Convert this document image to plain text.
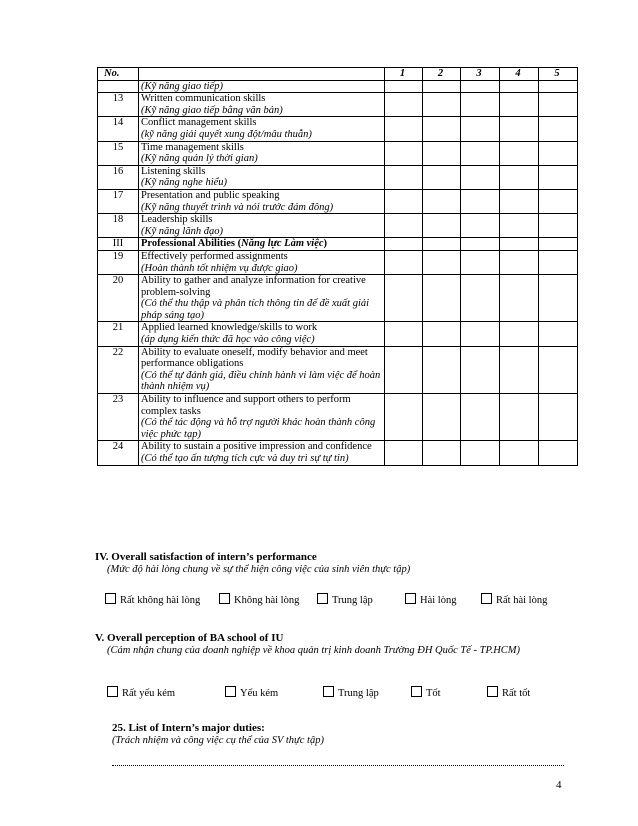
No.		1	2	3	4	5

	(Kỹ năng giao tiếp)					

13	Written communication skills
(Kỹ năng giao tiếp bằng văn bản)					

14	Conflict management skills
(kỹ năng giải quyết xung đột/mâu thuẫn)					

15	Time management skills
(Kỹ năng quản lý thời gian)					

16	Listening skills
(Kỹ năng nghe hiểu)					

17	Presentation and public speaking
(Kỹ năng thuyết trình và nói trước đám đông)					

18	Leadership skills
(Kỹ năng lãnh đạo)					

III	Professional Abilities (Năng lực Làm việc)					
19	Effectively performed assignments
(Hoàn thành tốt nhiệm vụ được giao)					

20	Ability to gather and analyze information for creative problem-solving
(Có thể thu thập và phân tích thông tin để đề xuất giải pháp sáng tạo)					

21	Applied learned knowledge/skills to work
(áp dụng kiến thức đã học vào công việc)					

22	Ability to evaluate oneself, modify behavior and meet performance obligations
(Có thể tự đánh giá, điều chỉnh hành vi làm việc để hoàn thành nhiệm vụ)					

23	Ability to influence and support others to perform complex tasks
(Có thể tác động và hỗ trợ người khác hoàn thành công việc phức tạp)					

24	Ability to sustain a positive impression and confidence
(Có thể tạo ấn tượng tích cực và duy trì sự tự tin)					

IV. Overall satisfaction of intern’s performance
(Mức độ hài lòng chung về sự thể hiện công việc của sinh viên thực tập)
Rất không hài lòng	Không hài lòng	Trung lập	Hài lòng	Rất hài lòng
V. Overall perception of BA school of IU
(Cảm nhận chung của doanh nghiệp về khoa quản trị kinh doanh Trường ĐH Quốc Tế - TP.HCM)
Rất yếu kém	Yếu kém	Trung lập	Tốt	Rất tốt
25. List of Intern’s major duties:
(Trách nhiệm và công việc cụ thể của SV thực tập)
4
